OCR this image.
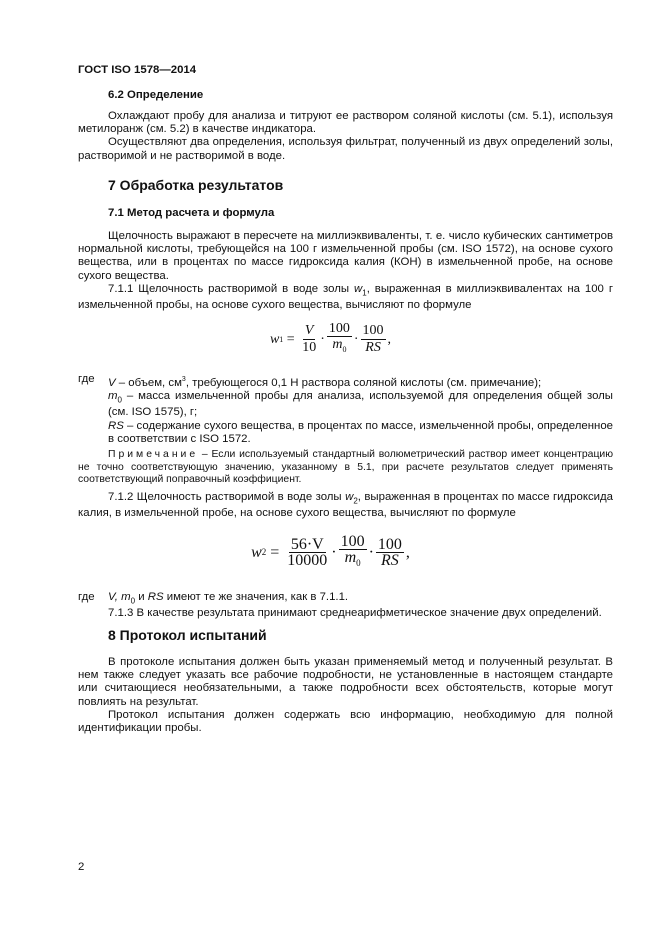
ГОСТ ISO 1578—2014
6.2 Определение

Охлаждают пробу для анализа и титруют ее раствором соляной кислоты (см. 5.1), используя метилоранж (см. 5.2) в качестве индикатора.

Осуществляют два определения, используя фильтрат, полученный из двух определений золы, растворимой и не растворимой в воде.

7 Обработка результатов
7.1 Метод расчета и формула

Щелочность выражают в пересчете на миллиэквиваленты, т. е. число кубических сантиметров нормальной кислоты, требующейся на 100 г измельченной пробы (см. ISO 1572), на основе сухого вещества, или в процентах по массе гидроксида калия (КОН) в измельченной пробе, на основе сухого вещества.

7.1.1 Щелочность растворимой в воде золы $w_1$, выраженная в миллиэквивалентах на 100 г измельченной пробы, на основе сухого вещества, вычисляют по формуле

w 1
=
$\frac{V}{10} \cdot \frac{100}{m_0} \cdot \frac{100}{RS}$ ,
где	V – объем, $см^3$, требующегося 0,1 Н раствора соляной кислоты (см. примечание);

$m_0$ – масса измельченной пробы для анализа, используемой для определения общей золы (см. ISO 1575), г;

RS – содержание сухого вещества, в процентах по массе, измельченной пробы, определенное в соответствии с ISO 1572.

Примечание – Если используемый стандартный волюметрический раствор имеет концентрацию не точно соответствующую значению, указанному в 5.1, при расчете результатов следует применять соответствующий поправочный коэффициент.

7.1.2 Щелочность растворимой в воде золы $w_2$, выраженная в процентах по массе гидроксида калия, в измельченной пробе, на основе сухого вещества, вычисляют по формуле

w 2
=
$\frac{56\cdot V}{10000} \cdot \frac{100}{m_0} \cdot \frac{100}{RS}$ ,
где	V, $m_0$ и RS имеют те же значения, как в 7.1.1.

7.1.3 В качестве результата принимают среднеарифметическое значение двух определений.

8 Протокол испытаний

В протоколе испытания должен быть указан применяемый метод и полученный результат. В нем также следует указать все рабочие подробности, не установленные в настоящем стандарте или считающиеся необязательными, а также подробности всех обстоятельств, которые могут повлиять на результат.

Протокол испытания должен содержать всю информацию, необходимую для полной идентификации пробы.

2
